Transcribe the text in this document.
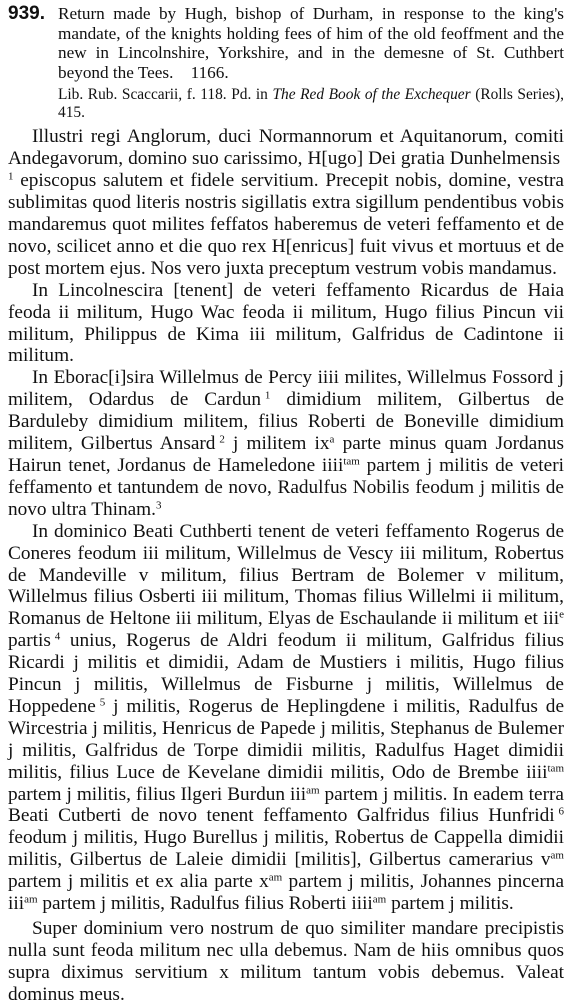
939. Return made by Hugh, bishop of Durham, in response to the king's mandate, of the knights holding fees of him of the old feoffment and the new in Lincolnshire, Yorkshire, and in the demesne of St. Cuthbert beyond the Tees.  1166.
Lib. Rub. Scaccarii, f. 118. Pd. in The Red Book of the Exchequer (Rolls Series), 415.

Illustri regi Anglorum, duci Normannorum et Aquitanorum, comiti Andegavorum, domino suo carissimo, H[ugo] Dei gratia Dunhelmensis $^1$ episcopus salutem et fidele servitium. Precepit nobis, domine, vestra sublimitas quod literis nostris sigillatis extra sigillum pendentibus vobis mandaremus quot milites feffatos haberemus de veteri feffamento et de novo, scilicet anno et die quo rex H[enricus] fuit vivus et mortuus et de post mortem ejus. Nos vero juxta preceptum vestrum vobis mandamus.

In Lincolnescira [tenent] de veteri feffamento Ricardus de Haia feoda ii militum, Hugo Wac feoda ii militum, Hugo filius Pincun vii militum, Philippus de Kima iii militum, Galfridus de Cadintone ii militum.

In Eborac[i]sira Willelmus de Percy iiii milites, Willelmus Fossord j militem, Odardus de Cardun  $^1$ dimidium militem, Gilbertus de Barduleby dimidium militem, filius Roberti de Boneville dimidium militem, Gilbertus Ansard  $^2$ j militem $ix^a$ parte minus quam Jordanus Hairun tenet, Jordanus de Hameledone iiii$^{tam}$ partem j militis de veteri feffamento et tantundem de novo, Radulfus Nobilis feodum j militis de novo ultra Thinam.$^3$

In dominico Beati Cuthberti tenent de veteri feffamento Rogerus de Coneres feodum iii militum, Willelmus de Vescy iii militum, Robertus de Mandeville v militum, filius Bertram de Bolemer v militum, Willelmus filius Osberti iii militum, Thomas filius Willelmi ii militum, Romanus de Heltone iii militum, Elyas de Eschaulande ii militum et iii$^e$ partis  $^4$ unius, Rogerus de Aldri feodum ii militum, Galfridus filius Ricardi j militis et dimidii, Adam de Mustiers i militis, Hugo filius Pincun j militis, Willelmus de Fisburne j militis, Willelmus de Hoppedene  $^5$ j militis, Rogerus de Heplingdene i militis, Radulfus de Wircestria j militis, Henricus de Papede j militis, Stephanus de Bulemer j militis, Galfridus de Torpe dimidii militis, Radulfus Haget dimidii militis, filius Luce de Kevelane dimidii militis, Odo de Brembe iiii$^{tam}$ partem j militis, filius Ilgeri Burdun iii$^{am}$ partem j militis. In eadem terra Beati Cutberti de novo tenent feffamento Galfridus filius Hunfridi  $^6$ feodum j militis, Hugo Burellus j militis, Robertus de Cappella dimidii militis, Gilbertus de Laleie dimidii [militis], Gilbertus camerarius $v^{am}$ partem j militis et ex alia parte $x^{am}$ partem j militis, Johannes pincerna iii$^{am}$ partem j militis, Radulfus filius Roberti iiii$^{am}$ partem j militis.

Super dominium vero nostrum de quo similiter mandare precipistis nulla sunt feoda militum nec ulla debemus. Nam de hiis omnibus quos supra diximus servitium x militum tantum vobis debemus. Valeat dominus meus.
